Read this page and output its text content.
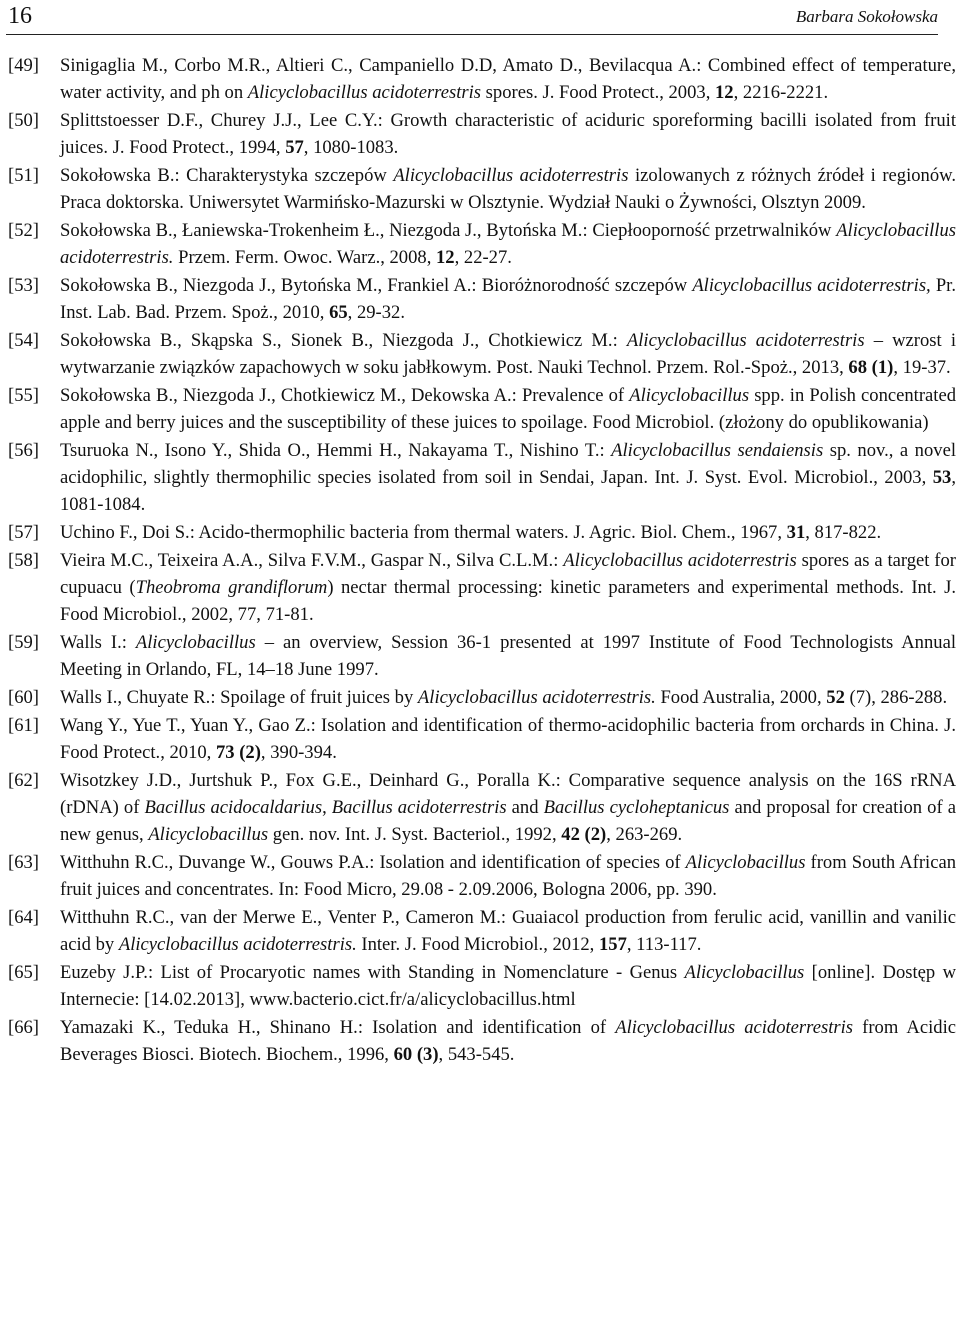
16	Barbara Sokołowska
[49]	Sinigaglia M., Corbo M.R., Altieri C., Campaniello D.D, Amato D., Bevilacqua A.: Combined effect of temperature, water activity, and ph on Alicyclobacillus acidoterrestris spores. J. Food Protect., 2003, 12, 2216-2221.
[50]	Splittstoesser D.F., Churey J.J., Lee C.Y.: Growth characteristic of aciduric sporeforming bacilli isolated from fruit juices. J. Food Protect., 1994, 57, 1080-1083.
[51]	Sokołowska B.: Charakterystyka szczepów Alicyclobacillus acidoterrestris izolowanych z różnych źródeł i regionów. Praca doktorska. Uniwersytet Warmińsko-Mazurski w Olsztynie. Wydział Nauki o Żywności, Olsztyn 2009.
[52]	Sokołowska B., Łaniewska-Trokenheim Ł., Niezgoda J., Bytońska M.: Ciepłooporność przetrwalników Alicyclobacillus acidoterrestris. Przem. Ferm. Owoc. Warz., 2008, 12, 22-27.
[53]	Sokołowska B., Niezgoda J., Bytońska M., Frankiel A.: Bioróżnorodność szczepów Alicyclobacillus acidoterrestris, Pr. Inst. Lab. Bad. Przem. Spoż., 2010, 65, 29-32.
[54]	Sokołowska B., Skąpska S., Sionek B., Niezgoda J., Chotkiewicz M.: Alicyclobacillus acidoterrestris – wzrost i wytwarzanie związków zapachowych w soku jabłkowym. Post. Nauki Technol. Przem. Rol.-Spoż., 2013, 68 (1), 19-37.
[55]	Sokołowska B., Niezgoda J., Chotkiewicz M., Dekowska A.: Prevalence of Alicyclobacillus spp. in Polish concentrated apple and berry juices and the susceptibility of these juices to spoilage. Food Microbiol. (złożony do opublikowania)
[56]	Tsuruoka N., Isono Y., Shida O., Hemmi H., Nakayama T., Nishino T.: Alicyclobacillus sendaiensis sp. nov., a novel acidophilic, slightly thermophilic species isolated from soil in Sendai, Japan. Int. J. Syst. Evol. Microbiol., 2003, 53, 1081-1084.
[57]	Uchino F., Doi S.: Acido-thermophilic bacteria from thermal waters. J. Agric. Biol. Chem., 1967, 31, 817-822.
[58]	Vieira M.C., Teixeira A.A., Silva F.V.M., Gaspar N., Silva C.L.M.: Alicyclobacillus acidoterrestris spores as a target for cupuacu (Theobroma grandiflorum) nectar thermal processing: kinetic parameters and experimental methods. Int. J. Food Microbiol., 2002, 77, 71-81.
[59]	Walls I.: Alicyclobacillus – an overview, Session 36-1 presented at 1997 Institute of Food Technologists Annual Meeting in Orlando, FL, 14–18 June 1997.
[60]	Walls I., Chuyate R.: Spoilage of fruit juices by Alicyclobacillus acidoterrestris. Food Australia, 2000, 52 (7), 286-288.
[61]	Wang Y., Yue T., Yuan Y., Gao Z.: Isolation and identification of thermo-acidophilic bacteria from orchards in China. J. Food Protect., 2010, 73 (2), 390-394.
[62]	Wisotzkey J.D., Jurtshuk P., Fox G.E., Deinhard G., Poralla K.: Comparative sequence analysis on the 16S rRNA (rDNA) of Bacillus acidocaldarius, Bacillus acidoterrestris and Bacillus cycloheptanicus and proposal for creation of a new genus, Alicyclobacillus gen. nov. Int. J. Syst. Bacteriol., 1992, 42 (2), 263-269.
[63]	Witthuhn R.C., Duvange W., Gouws P.A.: Isolation and identification of species of Alicyclobacillus from South African fruit juices and concentrates. In: Food Micro, 29.08 - 2.09.2006, Bologna 2006, pp. 390.
[64]	Witthuhn R.C., van der Merwe E., Venter P., Cameron M.: Guaiacol production from ferulic acid, vanillin and vanilic acid by Alicyclobacillus acidoterrestris. Inter. J. Food Microbiol., 2012, 157, 113-117.
[65]	Euzeby J.P.: List of Procaryotic names with Standing in Nomenclature - Genus Alicyclobacillus [online]. Dostęp w Internecie: [14.02.2013], www.bacterio.cict.fr/a/alicyclobacillus.html
[66]	Yamazaki K., Teduka H., Shinano H.: Isolation and identification of Alicyclobacillus acidoterrestris from Acidic Beverages Biosci. Biotech. Biochem., 1996, 60 (3), 543-545.
